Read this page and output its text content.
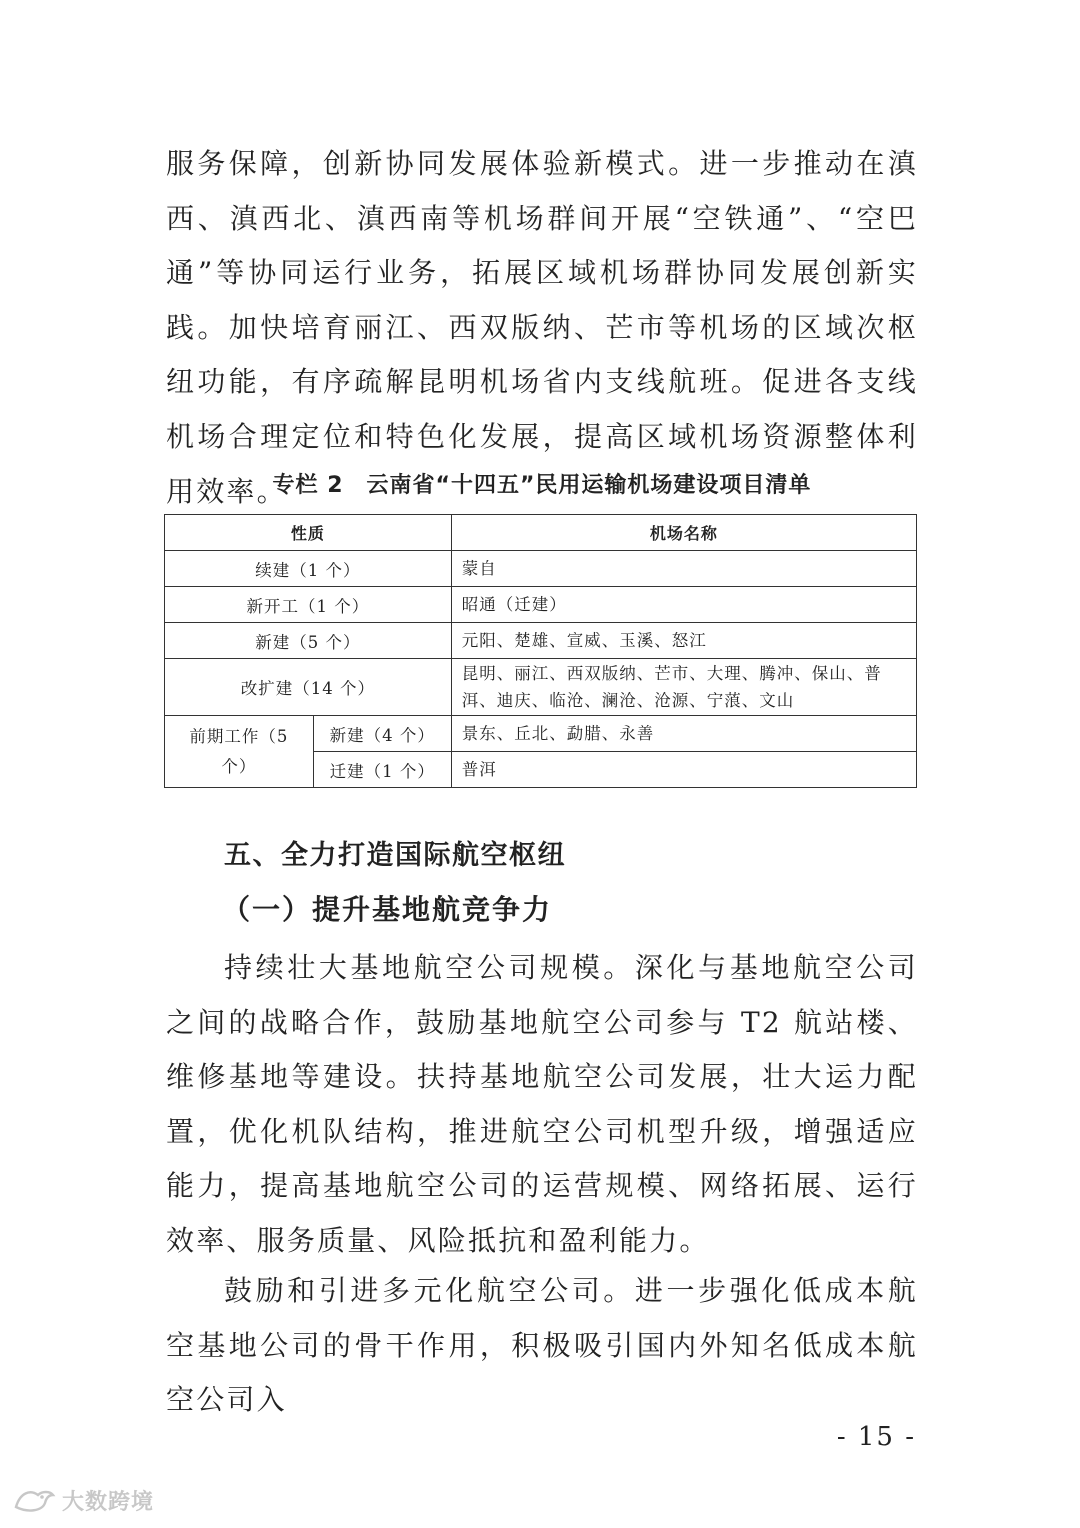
服务保障，创新协同发展体验新模式。进一步推动在滇西、滇西北、滇西南等机场群间开展“空铁通”、“空巴通”等协同运行业务，拓展区域机场群协同发展创新实践。加快培育丽江、西双版纳、芒市等机场的区域次枢纽功能，有序疏解昆明机场省内支线航班。促进各支线机场合理定位和特色化发展，提高区域机场资源整体利用效率。

专栏 2　云南省“十四五”民用运输机场建设项目清单
性质		机场名称
续建（1 个）		蒙自
新开工（1 个）		昭通（迁建）
新建（5 个）		元阳、楚雄、宣威、玉溪、怒江
改扩建（14 个）		昆明、丽江、西双版纳、芒市、大理、腾冲、保山、普洱、迪庆、临沧、澜沧、沧源、宁蒗、文山
前期工作（5 个）	新建（4 个）	景东、丘北、勐腊、永善
	迁建（1 个）	普洱
五、全力打造国际航空枢纽
（一）提升基地航竞争力

持续壮大基地航空公司规模。深化与基地航空公司之间的战略合作，鼓励基地航空公司参与 T2 航站楼、维修基地等建设。扶持基地航空公司发展，壮大运力配置，优化机队结构，推进航空公司机型升级，增强适应能力，提高基地航空公司的运营规模、网络拓展、运行效率、服务质量、风险抵抗和盈利能力。

鼓励和引进多元化航空公司。进一步强化低成本航空基地公司的骨干作用，积极吸引国内外知名低成本航空公司入

- 15 -
大数跨境
